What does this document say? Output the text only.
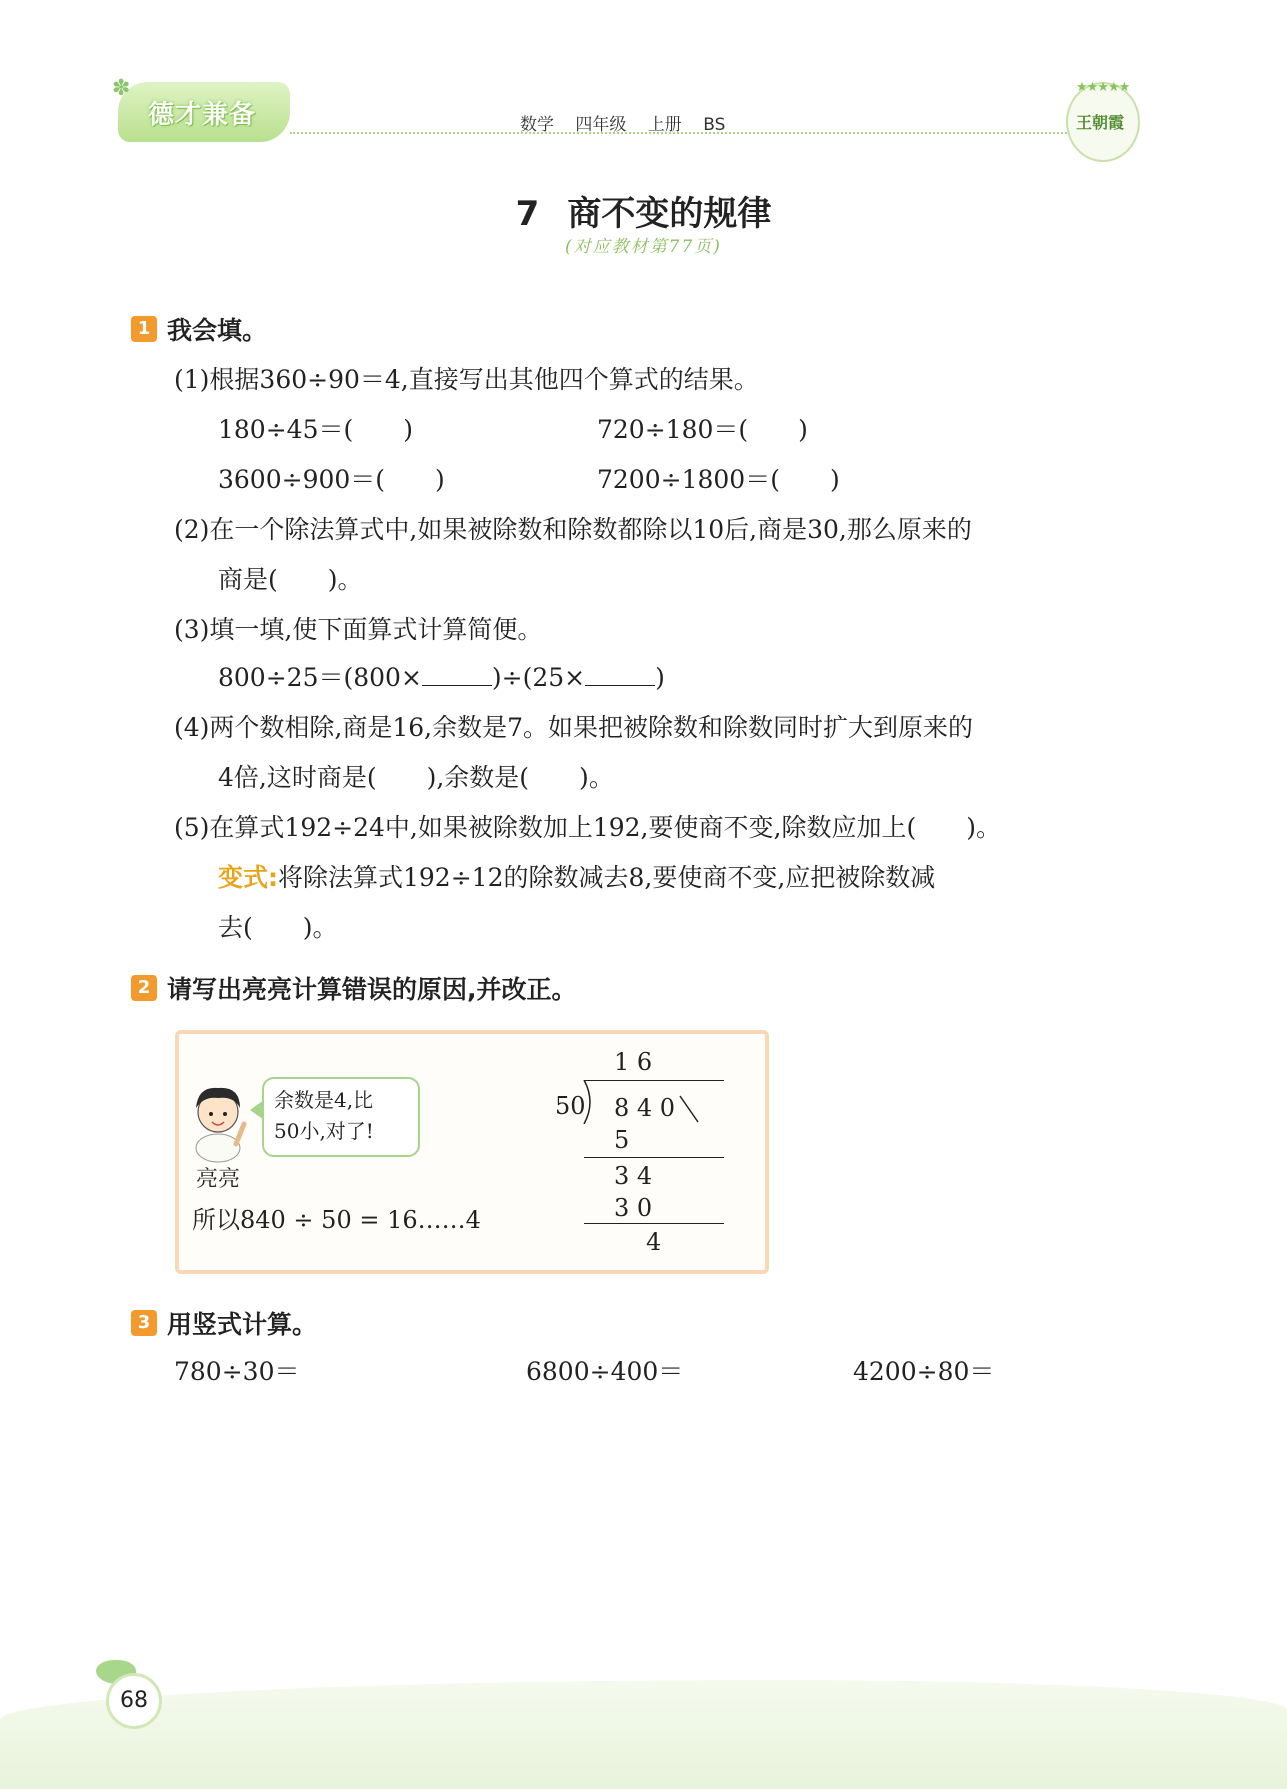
德才兼备
✽
数学 四年级 上册 BS
★★★★★
王朝霞
7 商不变的规律
(对应教材第77页)
1 我会填。
(1)根据360÷90＝4,直接写出其他四个算式的结果。
180÷45＝(　　)	720÷180＝(　　)
3600÷900＝(　　)	7200÷1800＝(　　)
(2)在一个除法算式中,如果被除数和除数都除以10后,商是30,那么原来的
商是(　　)。
(3)填一填,使下面算式计算简便。
800÷25＝(800×	)÷(25×	)
(4)两个数相除,商是16,余数是7。如果把被除数和除数同时扩大到原来的
4倍,这时商是(　　),余数是(　　)。
(5)在算式192÷24中,如果被除数加上192,要使商不变,除数应加上(　　)。
变式:将除法算式192÷12的除数减去8,要使商不变,应把被除数减
去(　　)。
2 请写出亮亮计算错误的原因,并改正。
余数是4,比
50小,对了!
亮亮
所以840 ÷ 50 = 16……4
1 6
50 8 4 0
5
3 4
3 0
4
3 用竖式计算。
780÷30＝	6800÷400＝	4200÷80＝
68
